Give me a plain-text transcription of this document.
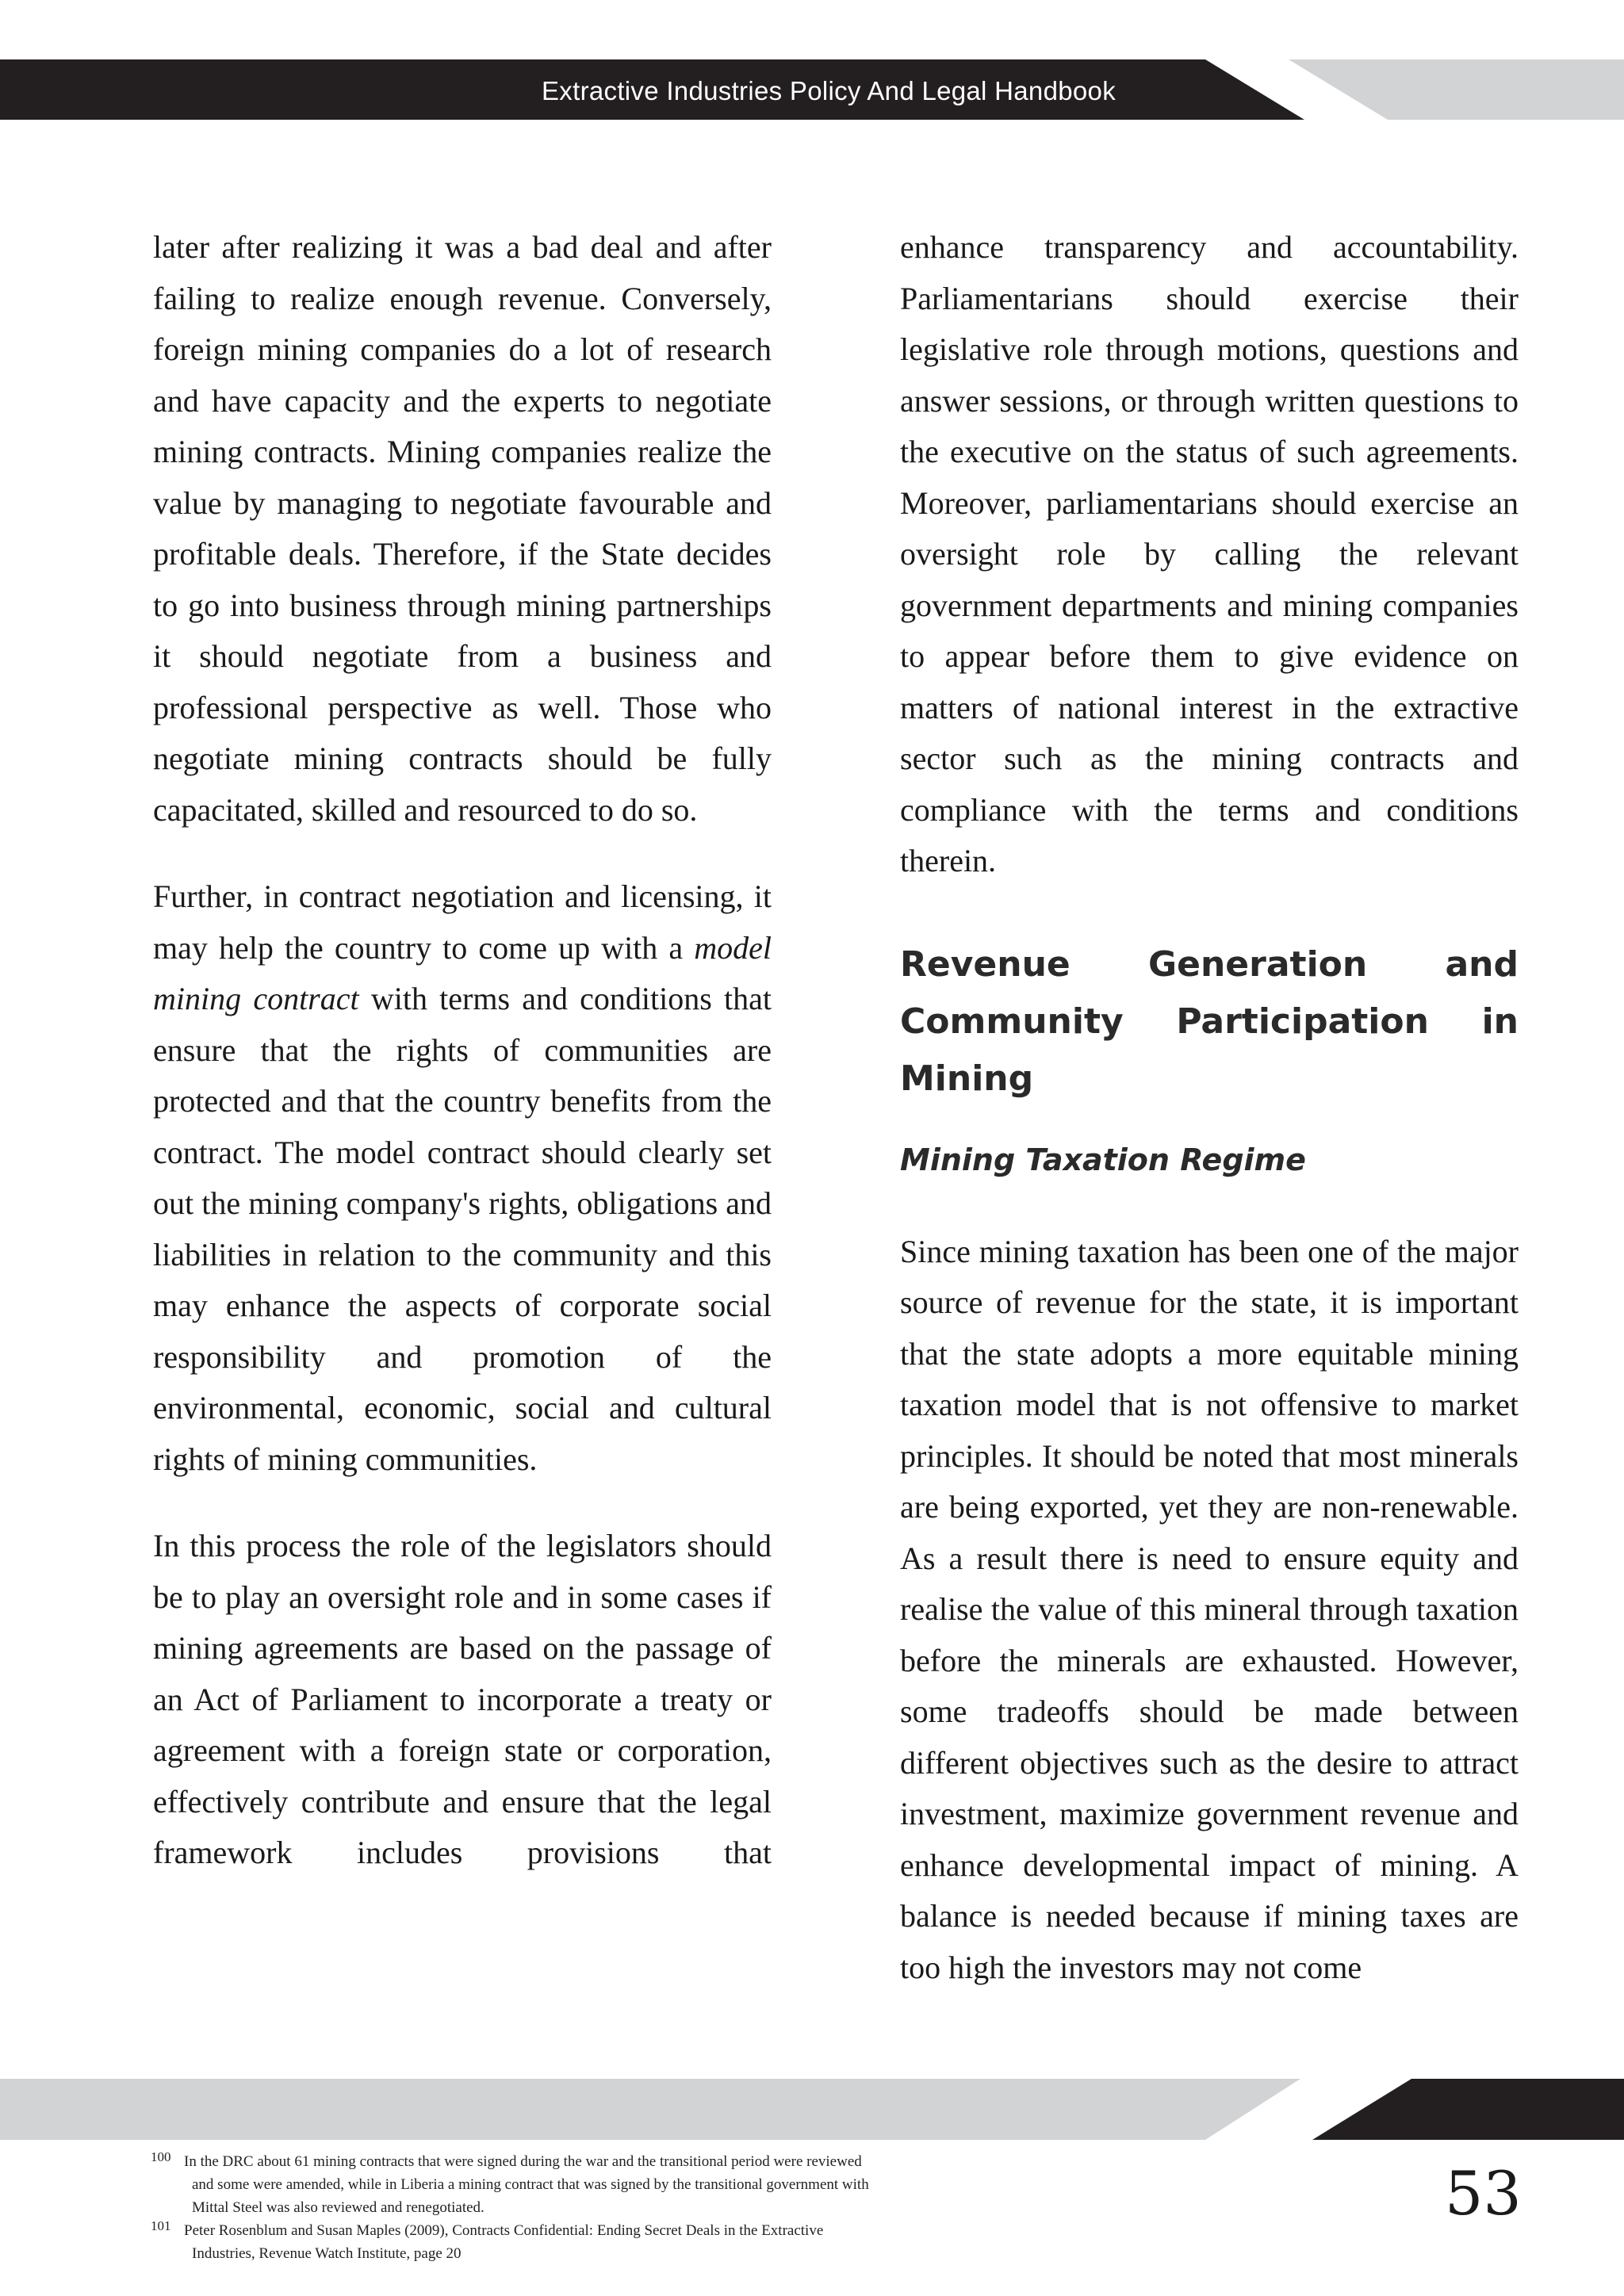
Extractive Industries Policy And Legal Handbook

later after realizing it was a bad deal and after failing to realize enough revenue. Conversely, foreign mining companies do a lot of research and have capacity and the experts to negotiate mining contracts. Mining companies realize the value by managing to negotiate favourable and profitable deals. Therefore, if the State decides to go into business through mining partnerships it should negotiate from a business and professional perspective as well. Those who negotiate mining contracts should be fully capacitated, skilled and resourced to do so.

Further, in contract negotiation and licensing, it may help the country to come up with a model mining contract with terms and conditions that ensure that the rights of communities are protected and that the country benefits from the contract. The model contract should clearly set out the mining company's rights, obligations and liabilities in relation to the community and this may enhance the aspects of corporate social responsibility and promotion of the environmental, economic, social and cultural rights of mining communities.

In this process the role of the legislators should be to play an oversight role and in some cases if mining agreements are based on the passage of an Act of Parliament to incorporate a treaty or agreement with a foreign state or corporation, effectively contribute and ensure that the legal framework includes provisions that

enhance transparency and accountability. Parliamentarians should exercise their legislative role through motions, questions and answer sessions, or through written questions to the executive on the status of such agreements. Moreover, parliamentarians should exercise an oversight role by calling the relevant government departments and mining companies to appear before them to give evidence on matters of national interest in the extractive sector such as the mining contracts and compliance with the terms and conditions therein.

Revenue Generation and Community Participation in Mining
Mining Taxation Regime

Since mining taxation has been one of the major source of revenue for the state, it is important that the state adopts a more equitable mining taxation model that is not offensive to market principles. It should be noted that most minerals are being exported, yet they are non-renewable. As a result there is need to ensure equity and realise the value of this mineral through taxation before the minerals are exhausted. However, some tradeoffs should be made between different objectives such as the desire to attract investment, maximize government revenue and enhance developmental impact of mining. A balance is needed because if mining taxes are too high the investors may not come

100 In the DRC about 61 mining contracts that were signed during the war and the transitional period were reviewed
and some were amended, while in Liberia a mining contract that was signed by the transitional government with
Mittal Steel was also reviewed and renegotiated.
101 Peter Rosenblum and Susan Maples (2009), Contracts Confidential: Ending Secret Deals in the Extractive
Industries, Revenue Watch Institute, page 20
53
